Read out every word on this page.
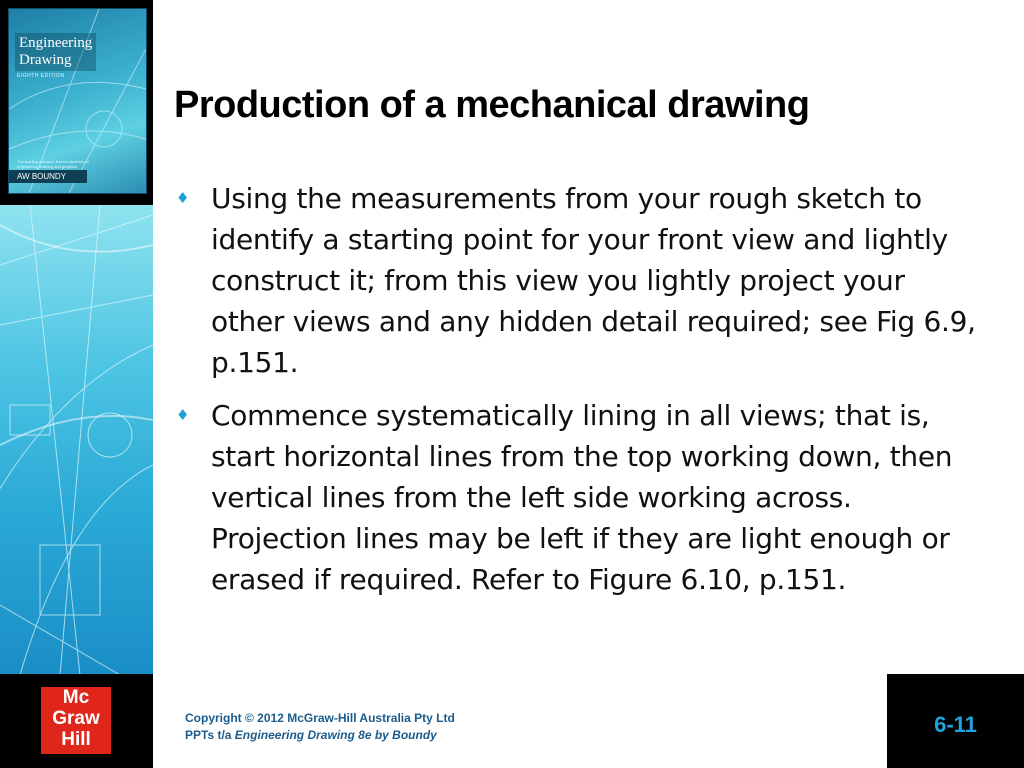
Engineering
Drawing
EIGHTH EDITION
The leading resource text for students of engineering drawing and graphics
AW BOUNDY
Production of a mechanical drawing
♦ Using the measurements from your rough sketch to identify a starting point for your front view and lightly construct it; from this view you lightly project your other views and any hidden detail required; see Fig 6.9, p.151.
♦ Commence systematically lining in all views; that is, start horizontal lines from the top working down, then vertical lines from the left side working across. Projection lines may be left if they are light enough or erased if required. Refer to Figure 6.10, p.151.
Mc
Graw
Hill
Copyright © 2012 McGraw-Hill Australia Pty Ltd
PPTs t/a Engineering Drawing 8e by Boundy	6-11
